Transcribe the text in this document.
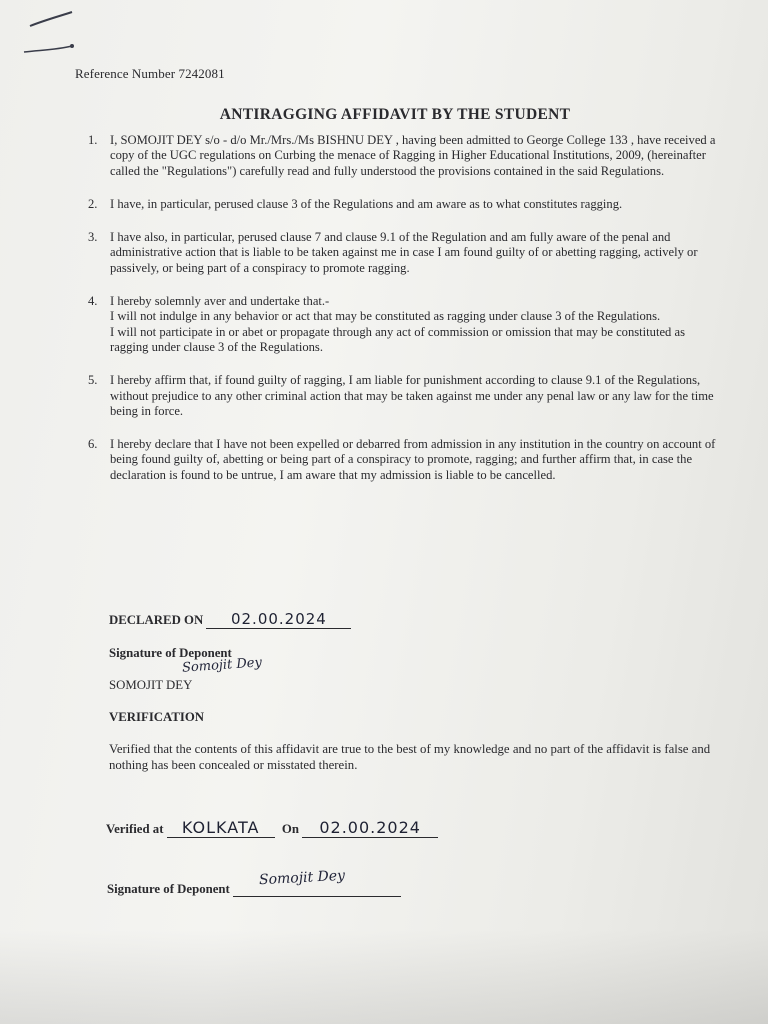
Reference Number 7242081
ANTIRAGGING AFFIDAVIT BY THE STUDENT
1. I, SOMOJIT DEY s/o - d/o Mr./Mrs./Ms BISHNU DEY , having been admitted to George College 133 , have received a copy of the UGC regulations on Curbing the menace of Ragging in Higher Educational Institutions, 2009, (hereinafter called the "Regulations") carefully read and fully understood the provisions contained in the said Regulations.
2. I have, in particular, perused clause 3 of the Regulations and am aware as to what constitutes ragging.
3. I have also, in particular, perused clause 7 and clause 9.1 of the Regulation and am fully aware of the penal and administrative action that is liable to be taken against me in case I am found guilty of or abetting ragging, actively or passively, or being part of a conspiracy to promote ragging.
4. I hereby solemnly aver and undertake that.-
I will not indulge in any behavior or act that may be constituted as ragging under clause 3 of the Regulations.
I will not participate in or abet or propagate through any act of commission or omission that may be constituted as ragging under clause 3 of the Regulations.
5. I hereby affirm that, if found guilty of ragging, I am liable for punishment according to clause 9.1 of the Regulations, without prejudice to any other criminal action that may be taken against me under any penal law or any law for the time being in force.
6. I hereby declare that I have not been expelled or debarred from admission in any institution in the country on account of being found guilty of, abetting or being part of a conspiracy to promote, ragging; and further affirm that, in case the declaration is found to be untrue, I am aware that my admission is liable to be cancelled.
DECLARED ON 02.00.2024
Signature of Deponent
Somojit Dey
SOMOJIT DEY
VERIFICATION
Verified that the contents of this affidavit are true to the best of my knowledge and no part of the affidavit is false and nothing has been concealed or misstated therein.
Verified at KOLKATA On 02.00.2024
Signature of Deponent
Somojit Dey
